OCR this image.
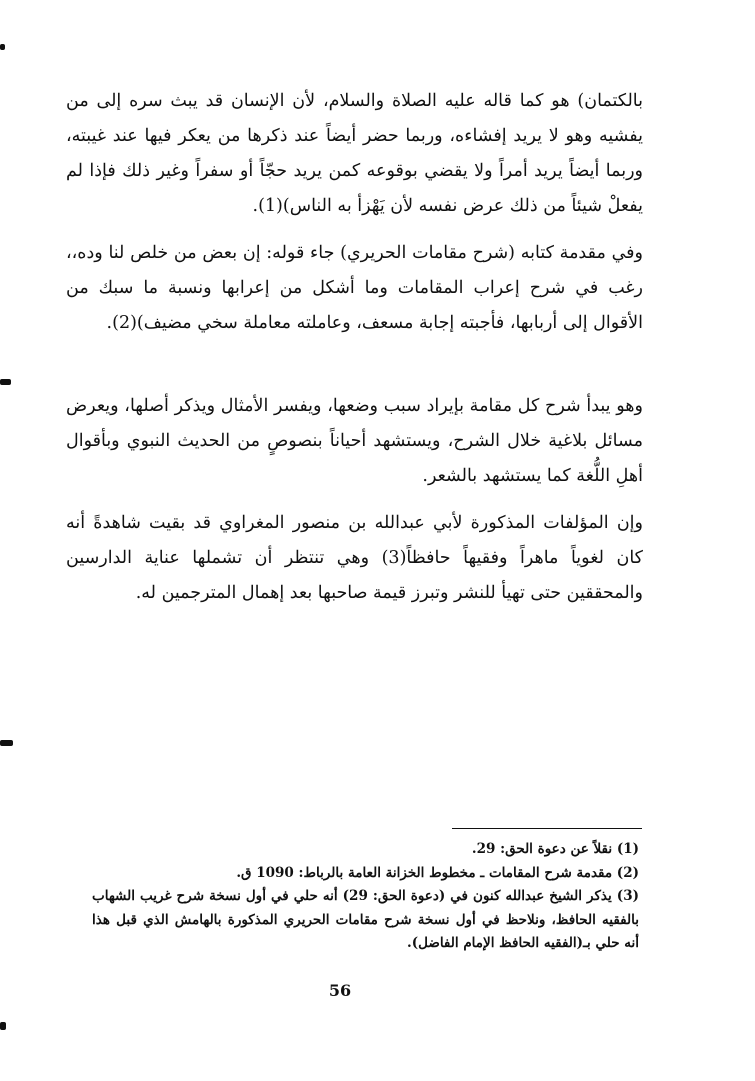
بالكتمان) هو كما قاله عليه الصلاة والسلام، لأن الإنسان قد يبث سره إلى من يفشيه وهو لا يريد إفشاءه، وربما حضر أيضاً عند ذكرها من يعكر فيها عند غيبته، وربما أيضاً يريد أمراً ولا يقضي بوقوعه كمن يريد حجّاً أو سفراً وغير ذلك فإذا لم يفعلْ شيئاً من ذلك عرض نفسه لأن يَهْزأ به الناس)(1).

وفي مقدمة كتابه (شرح مقامات الحريري) جاء قوله: إن بعض من خلص لنا وده،، رغب في شرح إعراب المقامات وما أشكل من إعرابها ونسبة ما سبك من الأقوال إلى أربابها، فأجبته إجابة مسعف، وعاملته معاملة سخي مضيف)(2).

وهو يبدأ شرح كل مقامة بإيراد سبب وضعها، ويفسر الأمثال ويذكر أصلها، ويعرض مسائل بلاغية خلال الشرح، ويستشهد أحياناً بنصوصٍ من الحديث النبوي وبأقوال أهلِ اللُّغة كما يستشهد بالشعر.

وإن المؤلفات المذكورة لأبي عبدالله بن منصور المغراوي قد بقيت شاهدةً أنه كان لغوياً ماهراً وفقيهاً حافظاً(3) وهي تنتظر أن تشملها عناية الدارسين والمحققين حتى تهيأ للنشر وتبرز قيمة صاحبها بعد إهمال المترجمين له.

(1) نقلاً عن دعوة الحق: 29.

(2) مقدمة شرح المقامات ـ مخطوط الخزانة العامة بالرباط: 1090 ق.

(3) يذكر الشيخ عبدالله كنون في (دعوة الحق: 29) أنه حلي في أول نسخة شرح غريب الشهاب بالفقيه الحافظ، ونلاحظ في أول نسخة شرح مقامات الحريري المذكورة بالهامش الذي قبل هذا أنه حلي بـ(الفقيه الحافظ الإمام الفاضل).

56
